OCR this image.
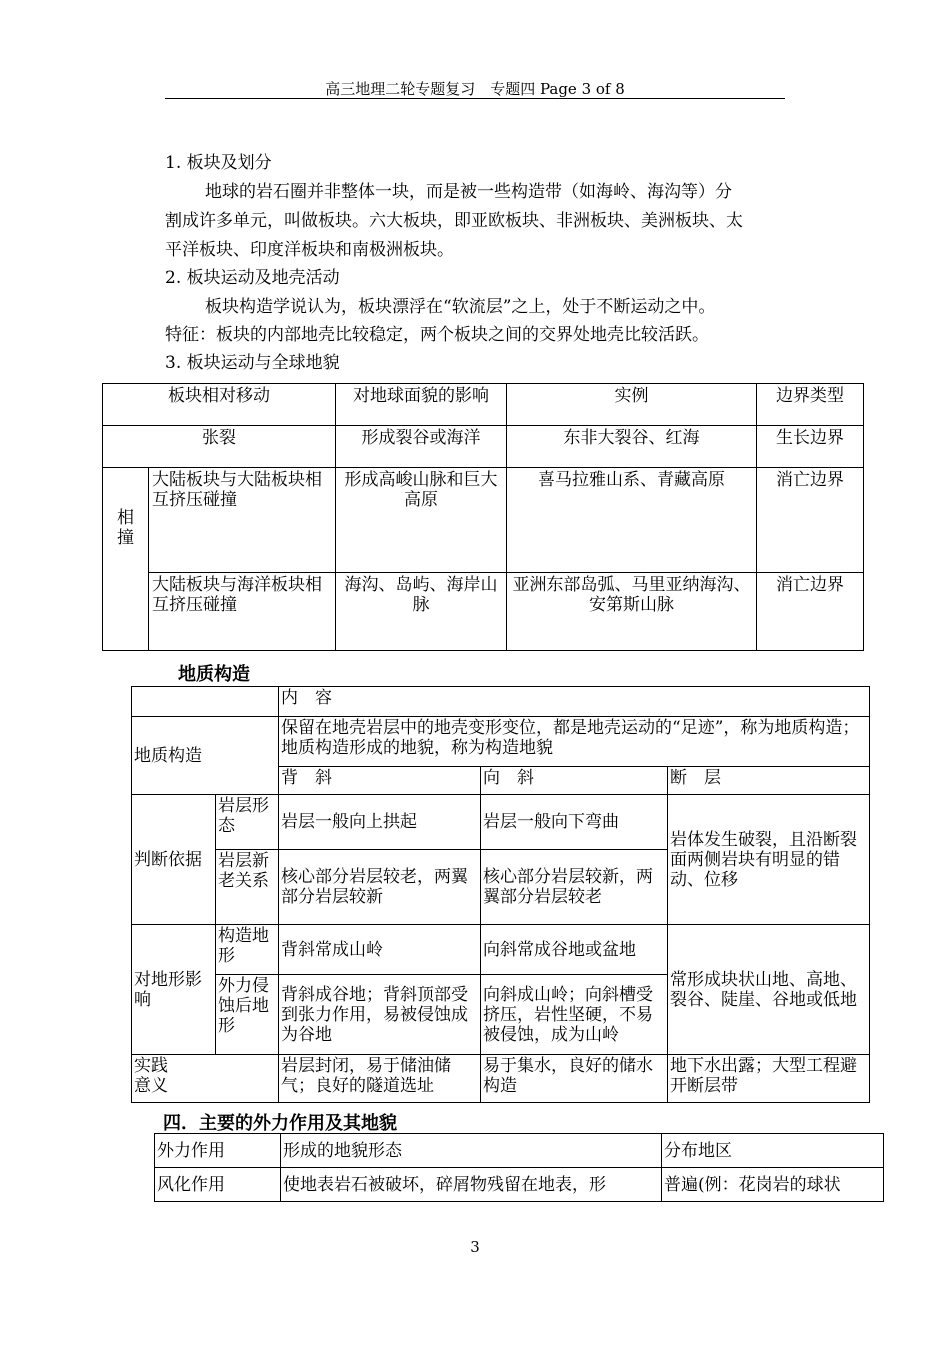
高三地理二轮专题复习　专题四 Page 3 of 8
1. 板块及划分
地球的岩石圈并非整体一块，而是被一些构造带（如海岭、海沟等）分
割成许多单元，叫做板块。六大板块，即亚欧板块、非洲板块、美洲板块、太
平洋板块、印度洋板块和南极洲板块。
2. 板块运动及地壳活动
板块构造学说认为，板块漂浮在“软流层”之上，处于不断运动之中。
特征：板块的内部地壳比较稳定，两个板块之间的交界处地壳比较活跃。
3. 板块运动与全球地貌
板块相对移动		对地球面貌的影响	实例	边界类型
张裂		形成裂谷或海洋	东非大裂谷、红海	生长边界
相撞	大陆板块与大陆板块相互挤压碰撞	形成高峻山脉和巨大高原	喜马拉雅山系、青藏高原	消亡边界
	大陆板块与海洋板块相互挤压碰撞	海沟、岛屿、海岸山脉	亚洲东部岛弧、马里亚纳海沟、安第斯山脉	消亡边界
地质构造
		内　容		
地质构造		保留在地壳岩层中的地壳变形变位，都是地壳运动的“足迹”，称为地质构造；地质构造形成的地貌，称为构造地貌		
		背　斜	向　斜	断　层
判断依据	岩层形态	岩层一般向上拱起	岩层一般向下弯曲	岩体发生破裂，且沿断裂面两侧岩块有明显的错动、位移
	岩层新老关系	核心部分岩层较老，两翼部分岩层较新	核心部分岩层较新，两翼部分岩层较老	
对地形影响	构造地形	背斜常成山岭	向斜常成谷地或盆地	常形成块状山地、高地、裂谷、陡崖、谷地或低地
	外力侵蚀后地形	背斜成谷地；背斜顶部受到张力作用，易被侵蚀成为谷地	向斜成山岭；向斜槽受挤压，岩性坚硬，不易被侵蚀，成为山岭	
实践意义		岩层封闭，易于储油储气；良好的隧道选址	易于集水，良好的储水构造	地下水出露；大型工程避开断层带
四．主要的外力作用及其地貌
外力作用	形成的地貌形态	分布地区
风化作用	使地表岩石被破坏，碎屑物残留在地表，形	普遍(例：花岗岩的球状
3
